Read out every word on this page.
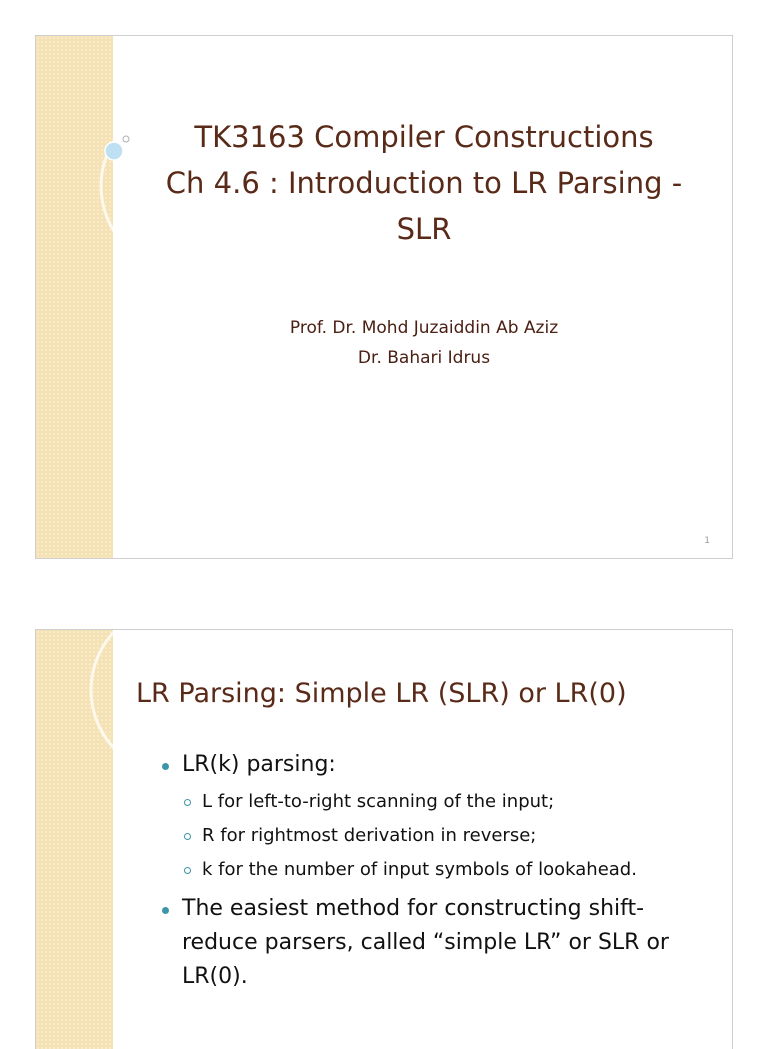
TK3163 Compiler Constructions
Ch 4.6 : Introduction to LR Parsing -
SLR
Prof. Dr. Mohd Juzaiddin Ab Aziz
Dr. Bahari Idrus
1
LR Parsing: Simple LR (SLR) or LR(0)
LR(k) parsing:
L for left-to-right scanning of the input;
R for rightmost derivation in reverse;
k for the number of input symbols of lookahead.
The easiest method for constructing shift-reduce parsers, called “simple LR” or SLR or LR(0).
